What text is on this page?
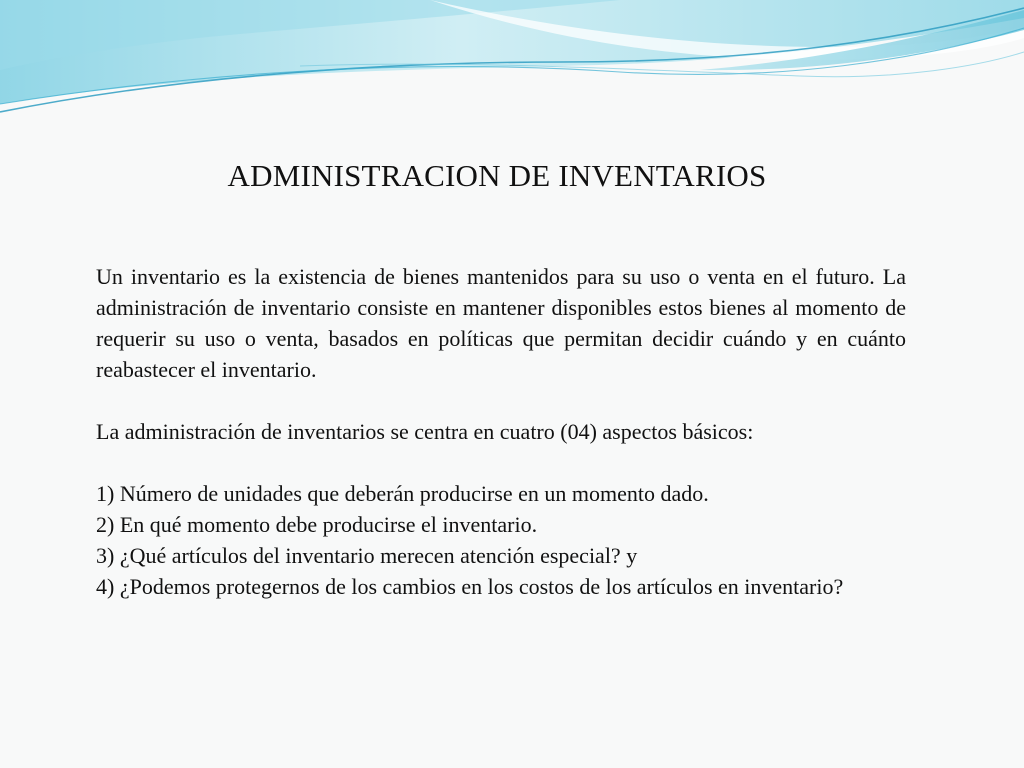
ADMINISTRACION DE INVENTARIOS

Un inventario es la existencia de bienes mantenidos para su uso o venta en el futuro. La administración de inventario consiste en mantener disponibles estos bienes al momento de requerir su uso o venta, basados en políticas que permitan decidir cuándo y en cuánto reabastecer el inventario.

La administración de inventarios se centra en cuatro (04) aspectos básicos:

1) Número de unidades que deberán producirse en un momento dado.
2) En qué momento debe producirse el inventario.
3) ¿Qué artículos del inventario merecen atención especial? y
4) ¿Podemos protegernos de los cambios en los costos de los artículos en inventario?
